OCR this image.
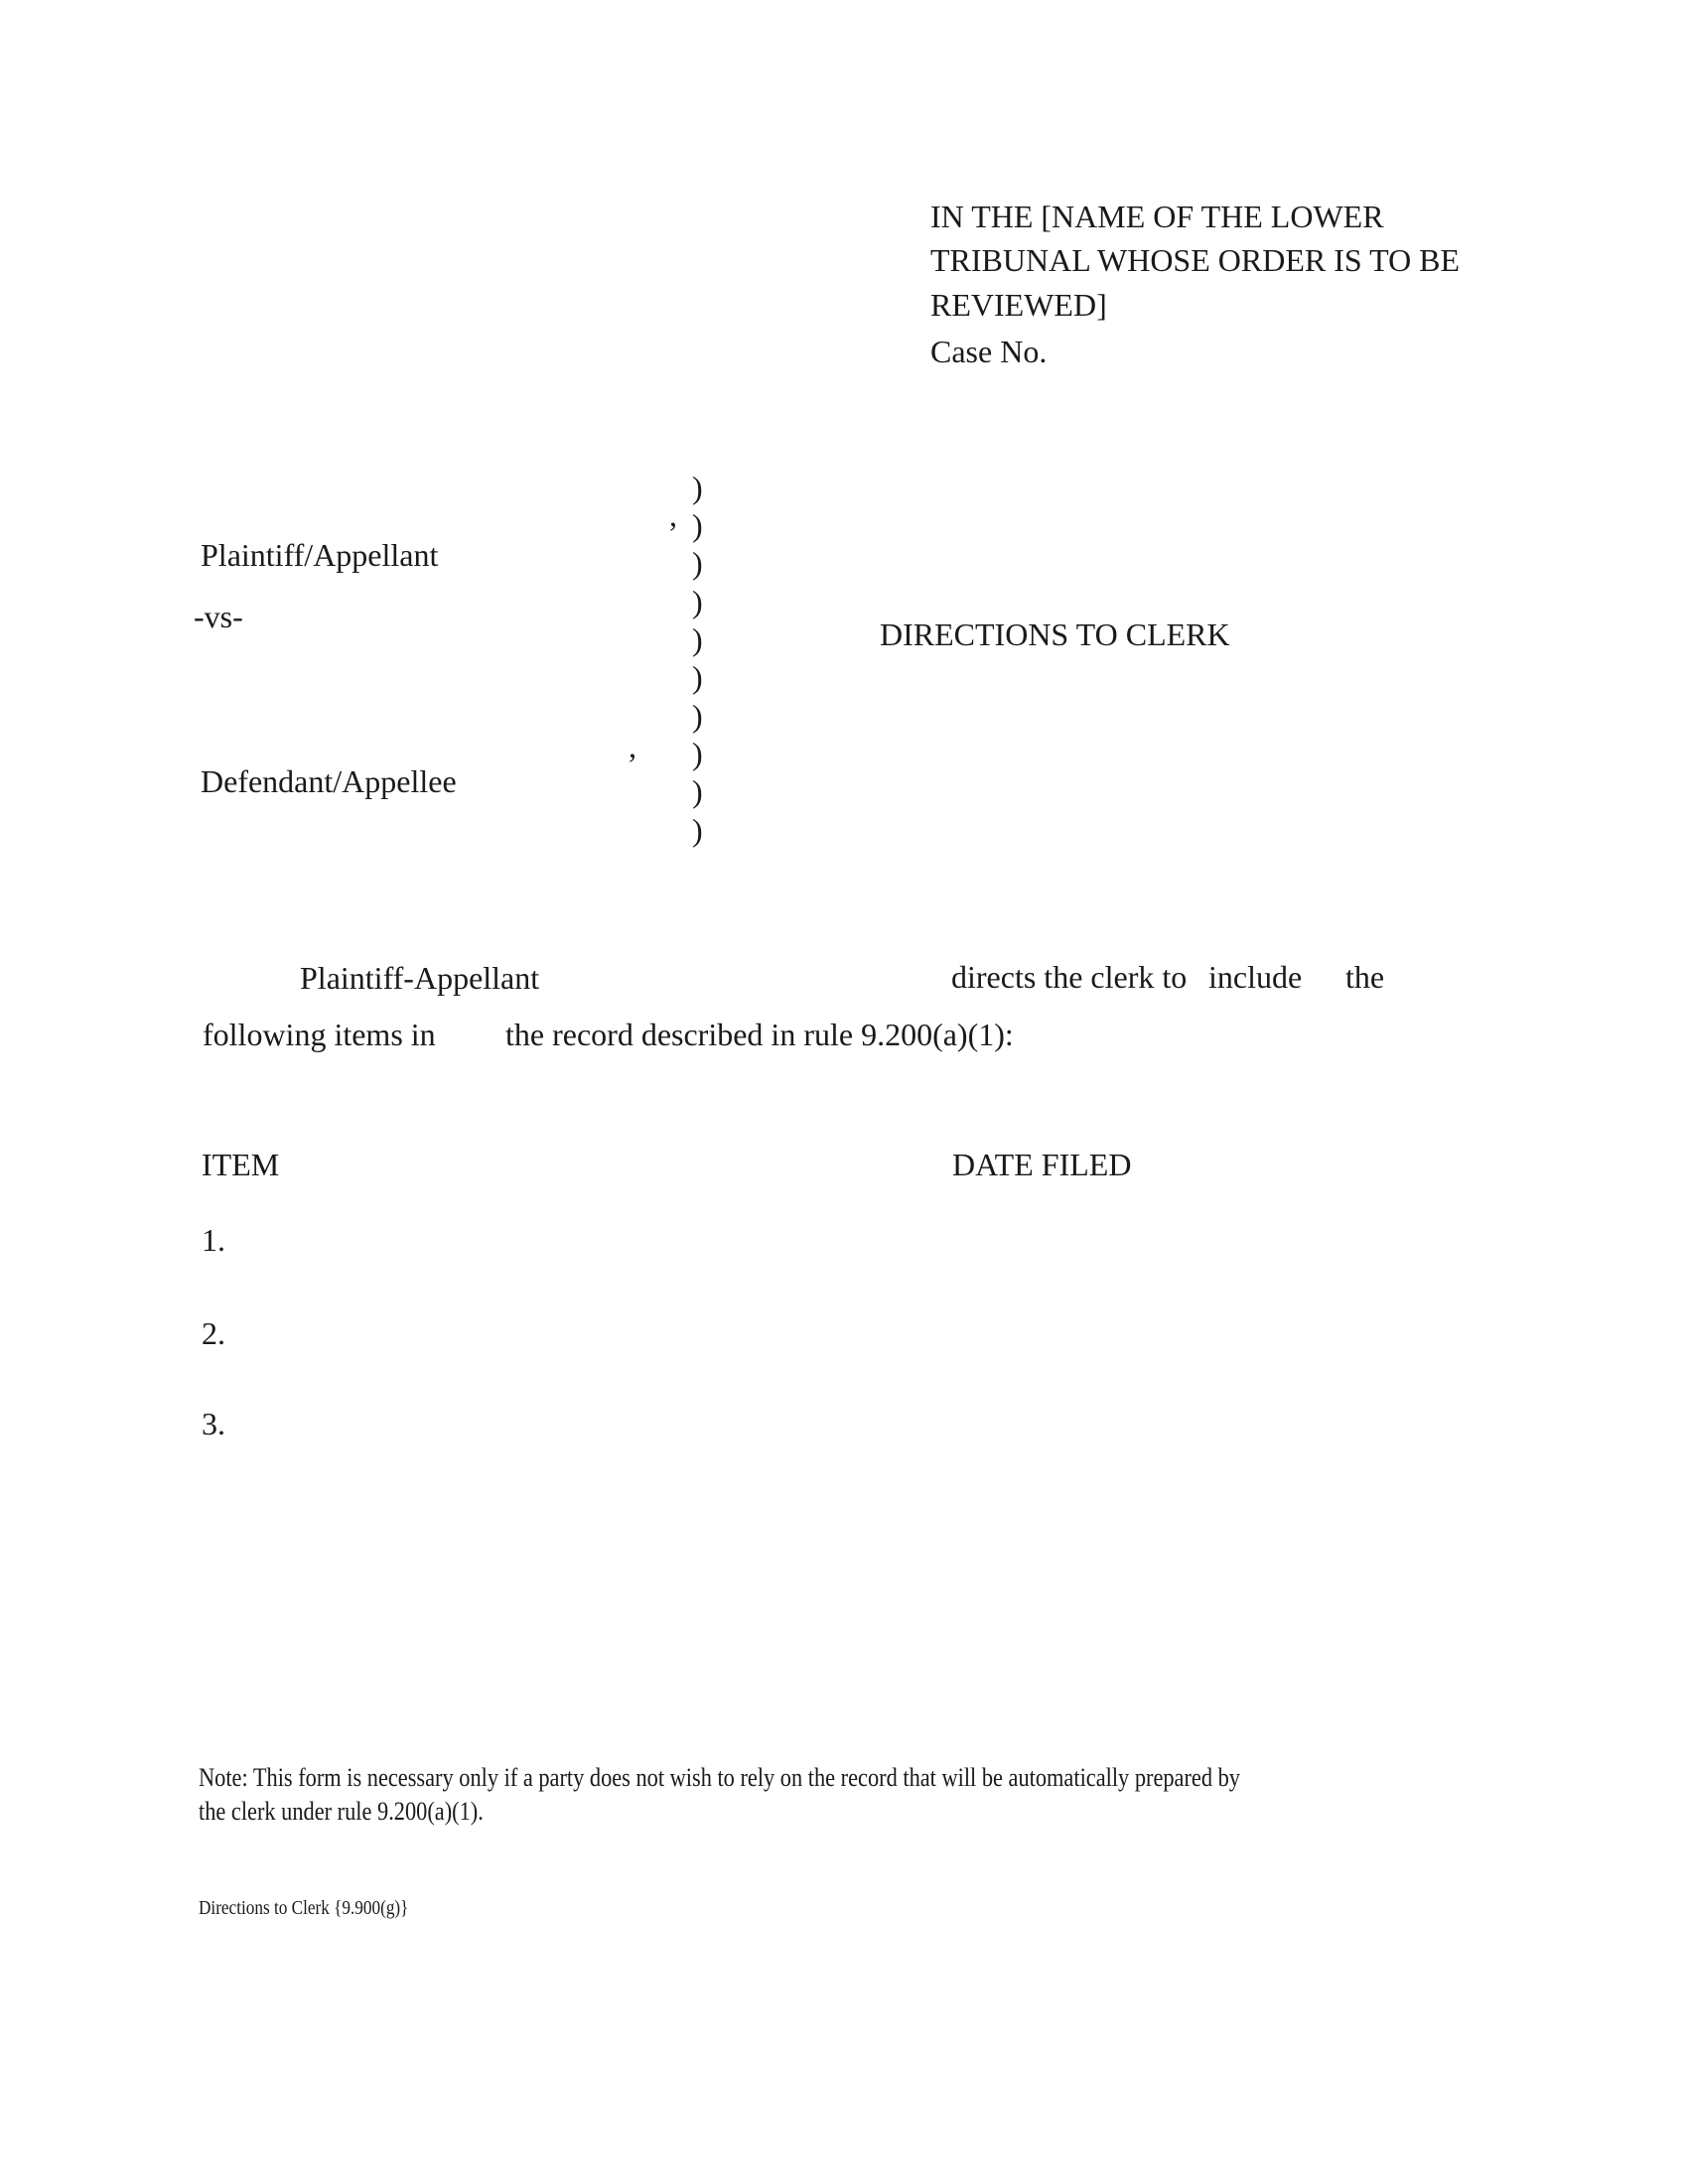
IN THE [NAME OF THE LOWER
TRIBUNAL WHOSE ORDER IS TO BE
REVIEWED]
Case No.
Plaintiff/Appellant
-vs-
Defendant/Appellee
,
,
)
)
)
)
)
)
)
)
)
)
DIRECTIONS TO CLERK
Plaintiff-Appellant	directs the clerk to include the
following items in the record described in rule 9.200(a)(1):
ITEM	DATE FILED
1.
2.
3.
Note: This form is necessary only if a party does not wish to rely on the record that will be automatically prepared by
the clerk under rule 9.200(a)(1).
Directions to Clerk {9.900(g)}
